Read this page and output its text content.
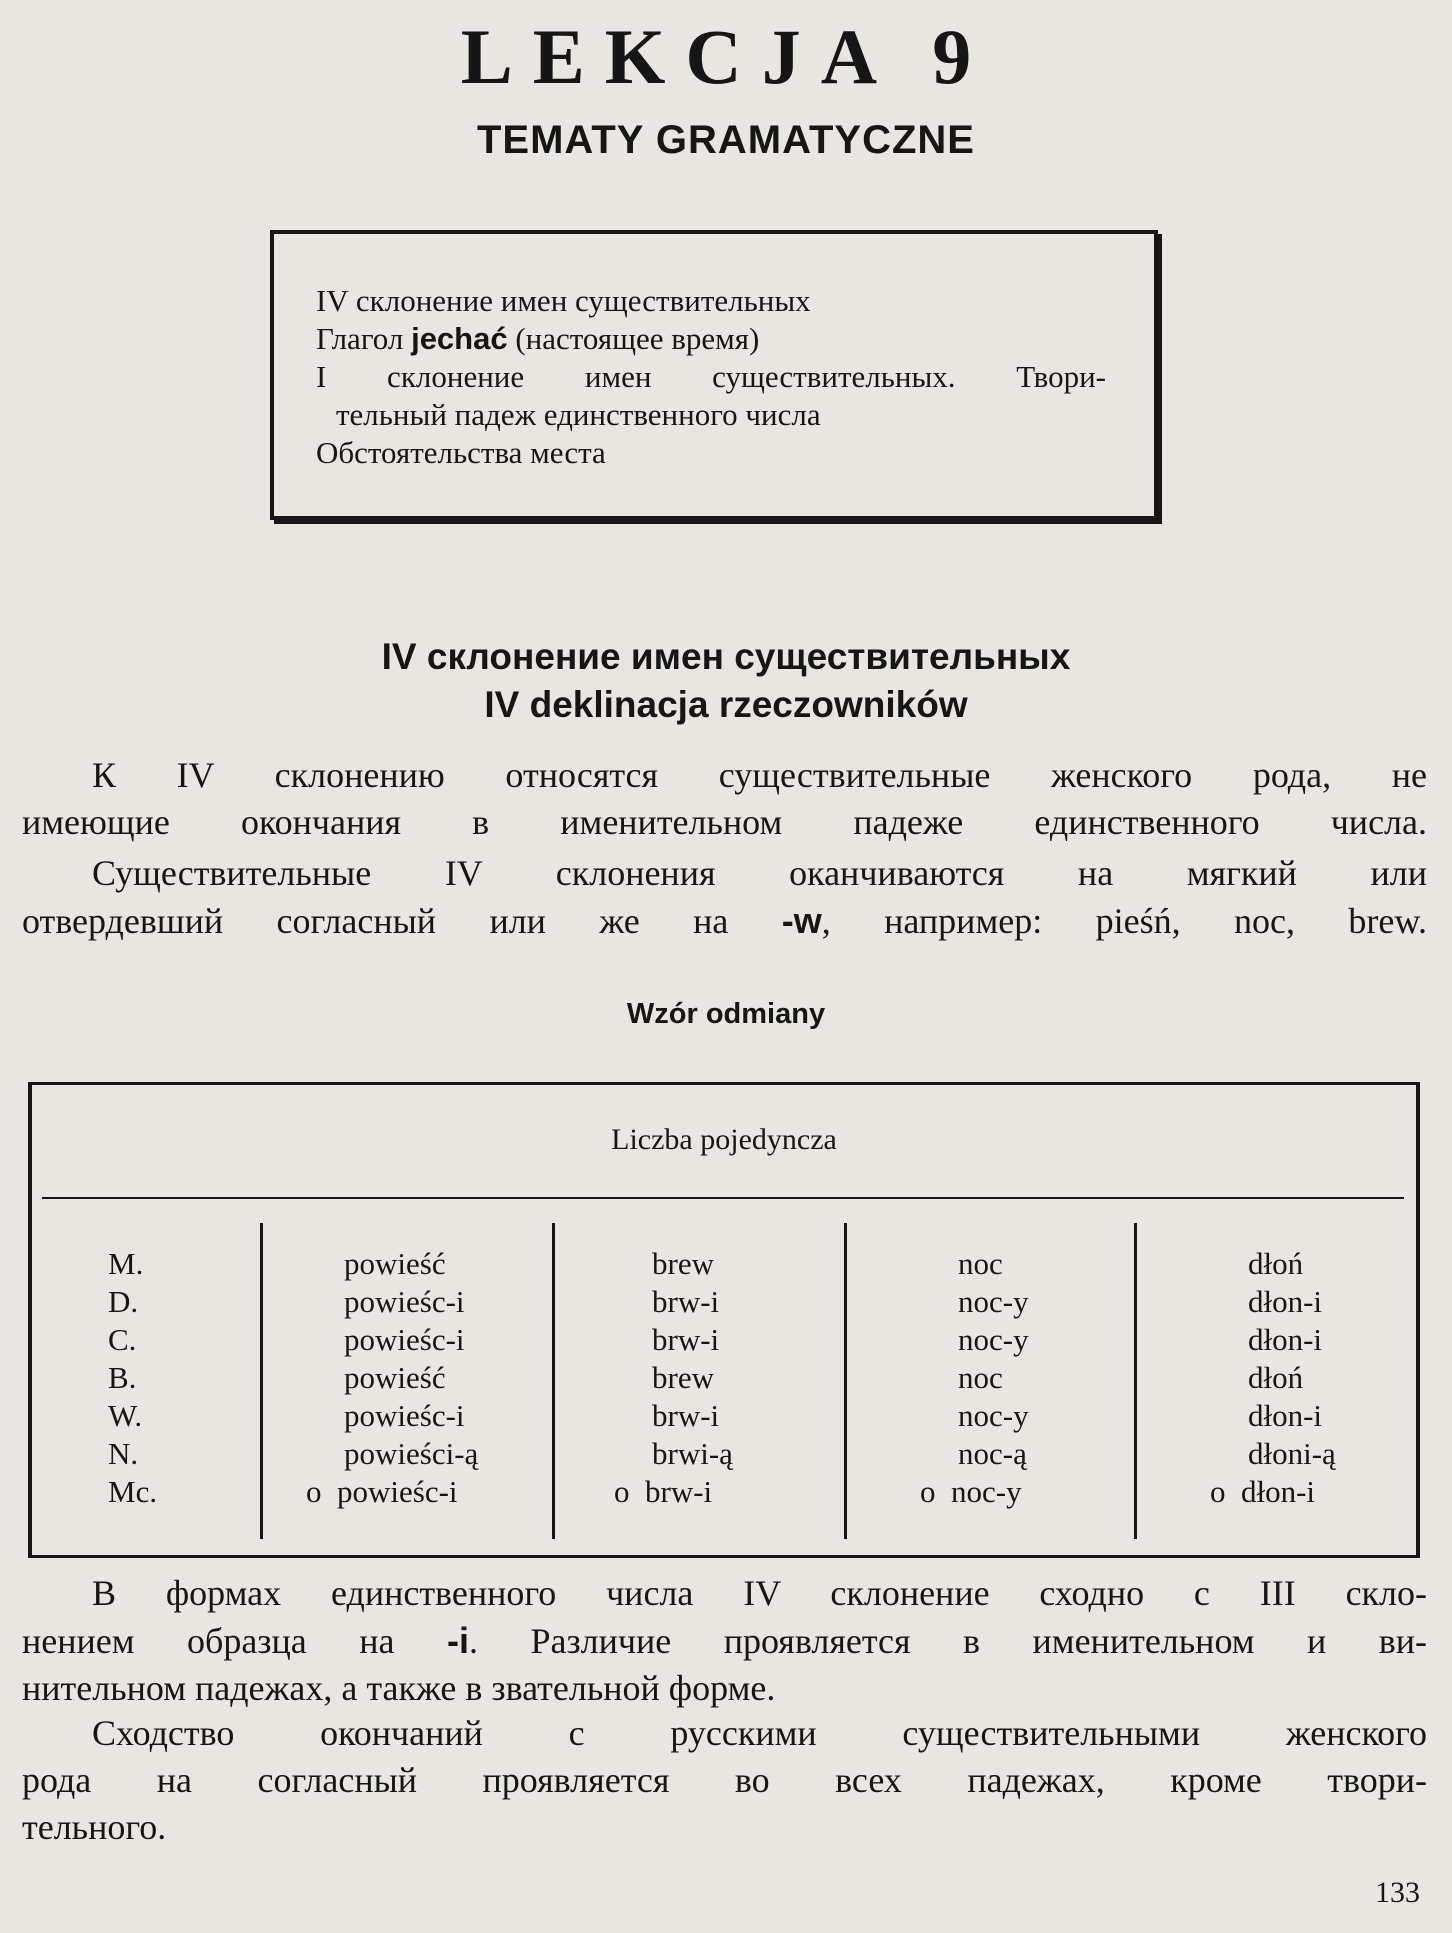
LEKCJA 9
TEMATY GRAMATYCZNE
IV склонение имен существительных
Глагол jechać (настоящее время)
I склонение имен существительных. Твори-
тельный падеж единственного числа
Обстоятельства места
IV склонение имен существительных
IV deklinacja rzeczowników
К IV склонению относятся существительные женского рода, не
имеющие окончания в именительном падеже единственного числа.
Существительные IV склонения оканчиваются на мягкий или
отвердевший согласный или же на -w, например: pieśń, noc, brew.
Wzór odmiany
Liczba pojedyncza
M.
D.
C.
B.
W.
N.
Mc.
powieść
powieśc-i
powieśc-i
powieść
powieśc-i
powieści-ą
o powieśc-i
brew
brw-i
brw-i
brew
brw-i
brwi-ą
o brw-i
noc
noc-y
noc-y
noc
noc-y
noc-ą
o noc-y
dłoń
dłon-i
dłon-i
dłoń
dłon-i
dłoni-ą
o dłon-i
В формах единственного числа IV склонение сходно с III скло-
нением образца на -i. Различие проявляется в именительном и ви-
нительном падежах, а также в звательной форме.
Сходство окончаний с русскими существительными женского
рода на согласный проявляется во всех падежах, кроме твори-
тельного.
133
